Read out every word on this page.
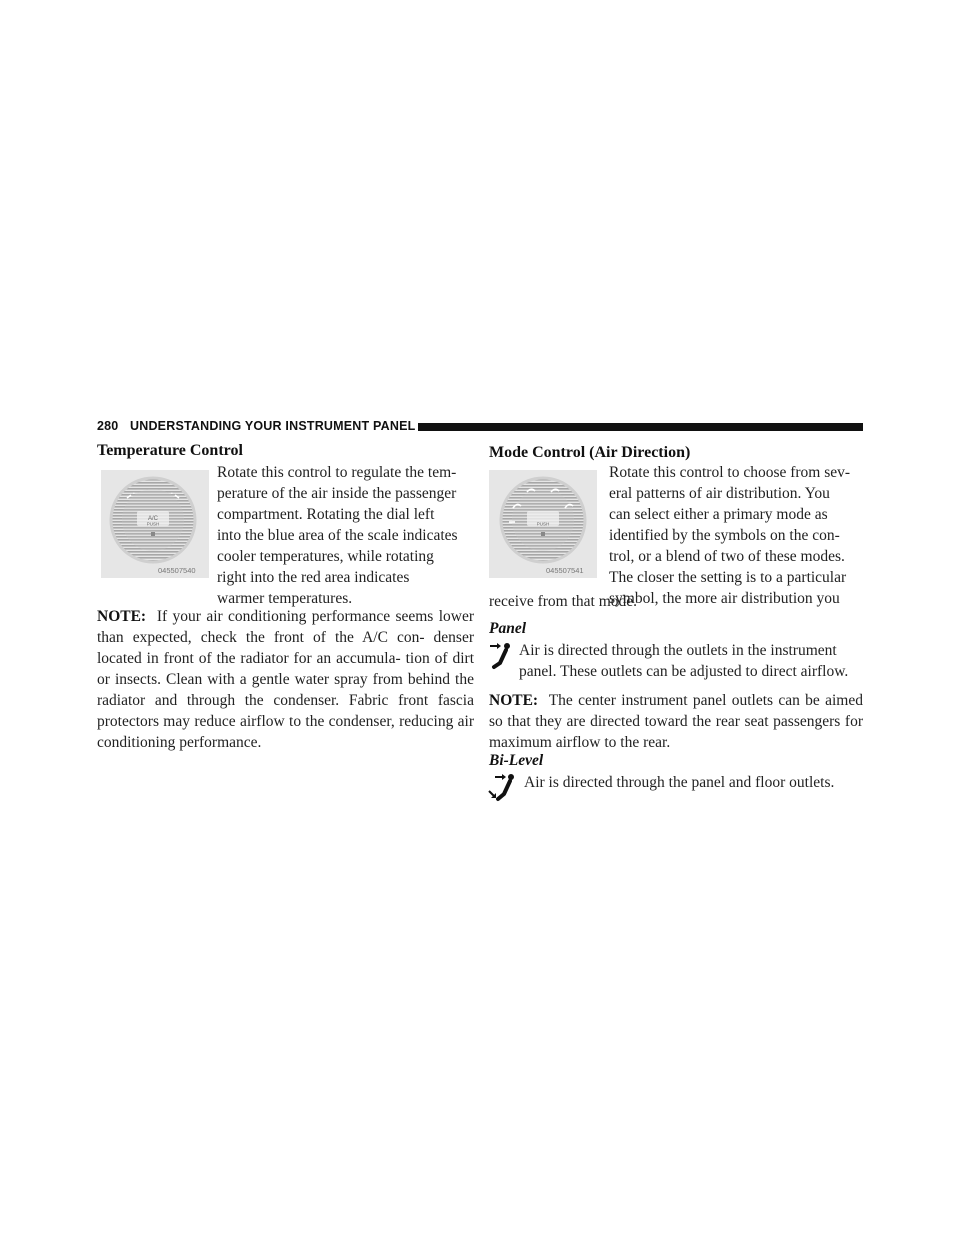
280 UNDERSTANDING YOUR INSTRUMENT PANEL
Temperature Control
A/C
PUSH
•	•
045507540
Rotate this control to regulate the tem-
perature of the air inside the passenger
compartment. Rotating the dial left
into the blue area of the scale indicates
cooler temperatures, while rotating
right into the red area indicates
warmer temperatures.
NOTE: If your air conditioning performance seems lower than expected, check the front of the A/C con- denser located in front of the radiator for an accumula- tion of dirt or insects. Clean with a gentle water spray from behind the radiator and through the condenser. Fabric front fascia protectors may reduce airflow to the condenser, reducing air conditioning performance.
Mode Control (Air Direction)
PUSH
045507541
Rotate this control to choose from sev-
eral patterns of air distribution. You
can select either a primary mode as
identified by the symbols on the con-
trol, or a blend of two of these modes.
The closer the setting is to a particular
symbol, the more air distribution you
receive from that mode.
Panel
Air is directed through the outlets in the instrument
panel. These outlets can be adjusted to direct airflow.
NOTE: The center instrument panel outlets can be aimed so that they are directed toward the rear seat passengers for maximum airflow to the rear.
Bi-Level
Air is directed through the panel and floor outlets.
